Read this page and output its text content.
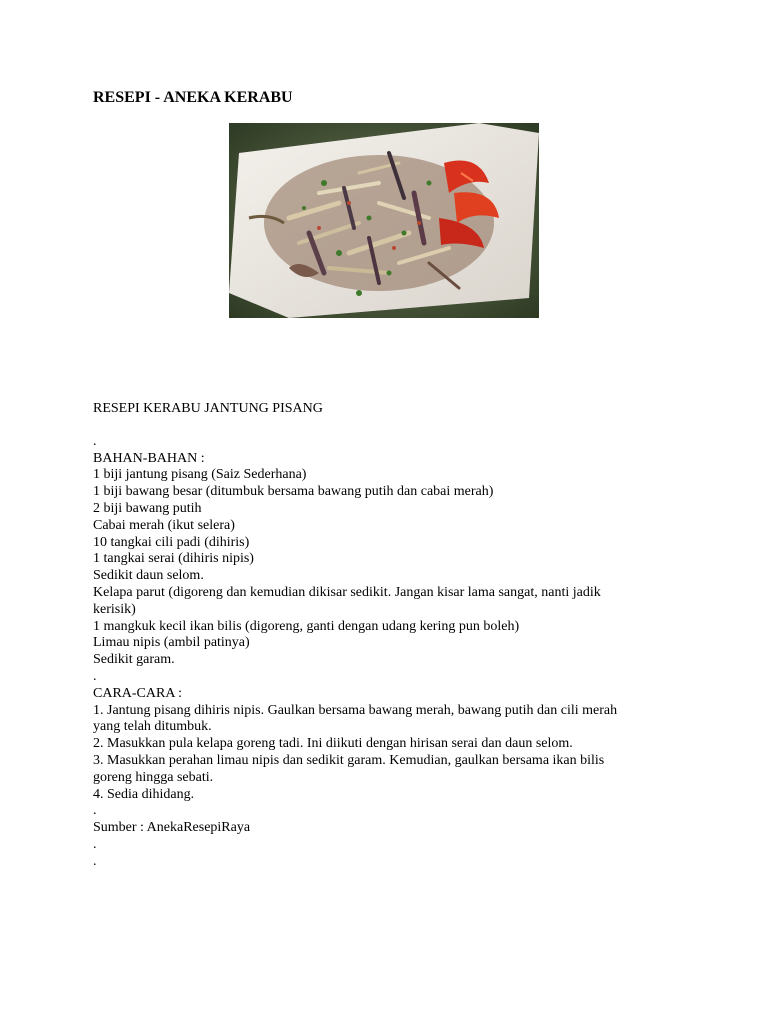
RESEPI - ANEKA KERABU
RESEPI KERABU JANTUNG PISANG
.
BAHAN-BAHAN :
1 biji jantung pisang (Saiz Sederhana)
1 biji bawang besar (ditumbuk bersama bawang putih dan cabai merah)
2 biji bawang putih
Cabai merah (ikut selera)
10 tangkai cili padi (dihiris)
1 tangkai serai (dihiris nipis)
Sedikit daun selom.
Kelapa parut (digoreng dan kemudian dikisar sedikit. Jangan kisar lama sangat, nanti jadik
kerisik)
1 mangkuk kecil ikan bilis (digoreng, ganti dengan udang kering pun boleh)
Limau nipis (ambil patinya)
Sedikit garam.
.
CARA-CARA :
1. Jantung pisang dihiris nipis. Gaulkan bersama bawang merah, bawang putih dan cili merah
yang telah ditumbuk.
2. Masukkan pula kelapa goreng tadi. Ini diikuti dengan hirisan serai dan daun selom.
3. Masukkan perahan limau nipis dan sedikit garam. Kemudian, gaulkan bersama ikan bilis
goreng hingga sebati.
4. Sedia dihidang.
.
Sumber : AnekaResepiRaya
.
.
